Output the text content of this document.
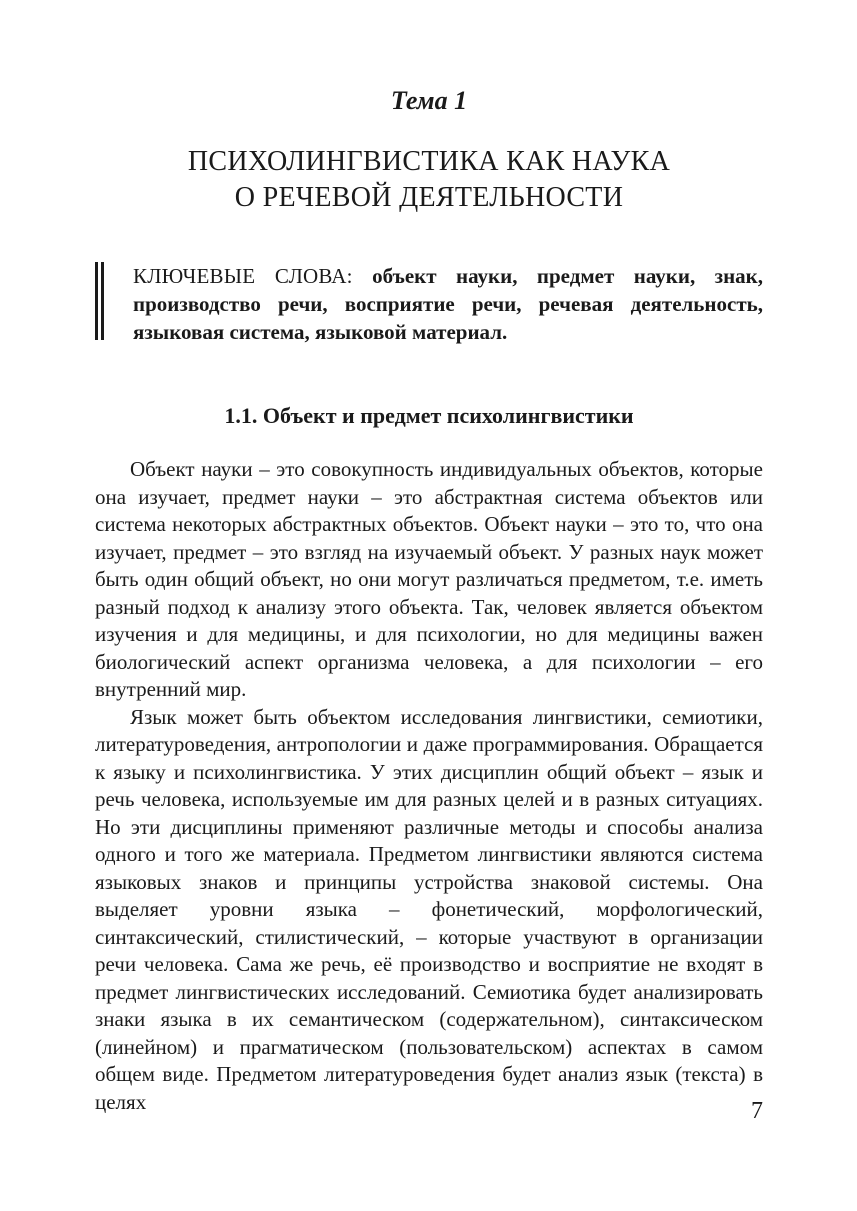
Тема 1
ПСИХОЛИНГВИСТИКА КАК НАУКА
О РЕЧЕВОЙ ДЕЯТЕЛЬНОСТИ
КЛЮЧЕВЫЕ СЛОВА: объект науки, предмет науки, знак, производство речи, восприятие речи, речевая деятельность, языковая система, языковой материал.
1.1. Объект и предмет психолингвистики

Объект науки – это совокупность индивидуальных объектов, которые она изучает, предмет науки – это абстрактная система объектов или система некоторых абстрактных объектов. Объект науки – это то, что она изучает, предмет – это взгляд на изучаемый объект. У разных наук может быть один общий объект, но они могут различаться предметом, т.е. иметь разный подход к анализу этого объекта. Так, человек является объектом изучения и для медицины, и для психологии, но для медицины важен биологический аспект организма человека, а для психологии – его внутренний мир.

Язык может быть объектом исследования лингвистики, семиотики, литературоведения, антропологии и даже программирования. Обращается к языку и психолингвистика. У этих дисциплин общий объект – язык и речь человека, используемые им для разных целей и в разных ситуациях. Но эти дисциплины применяют различные методы и способы анализа одного и того же материала. Предметом лингвистики являются система языковых знаков и принципы устройства знаковой системы. Она выделяет уровни языка – фонетический, морфологический, синтаксический, стилистический, – которые участвуют в организации речи человека. Сама же речь, её производство и восприятие не входят в предмет лингвистических исследований. Семиотика будет анализировать знаки языка в их семантическом (содержательном), синтаксическом (линейном) и прагматическом (пользовательском) аспектах в самом общем виде. Предметом литературоведения будет анализ язык (текста) в целях	7
